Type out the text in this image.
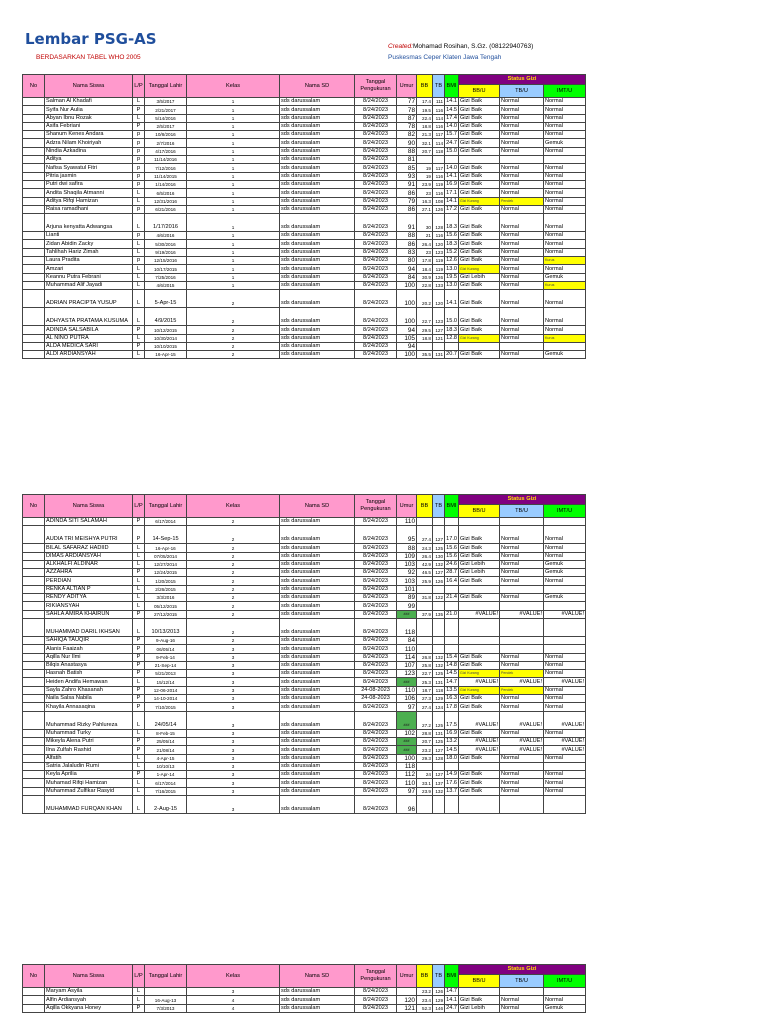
Lembar PSG-AS
BERDASARKAN TABEL WHO 2005
Created:Mohamad Rosihan, S.Gz. (08122940763)
Puskesmas Ceper Klaten Jawa Tengah
No	Nama Siswa	L/P	Tanggal Lahir	Kelas	Nama SD	Tanggal Pengukuran	Umur	BB	TB	BMI	Status Gizi		
											BB/U	TB/U	IMT/U
	Salman Al Khadafi	L	3/5/2017	1	sds darussalam	8/24/2023	77	17.4	111	14.1	Gizi Baik	Normal	Normal
	Syifa Nur Aulia	P	2/21/2017	1	sds darussalam	8/24/2023	78	19.5	116	14.5	Gizi Baik	Normal	Normal
	Abyan Ibnu Rozak	L	5/14/2016	1	sds darussalam	8/24/2023	87	22.4	114	17.4	Gizi Baik	Normal	Normal
	Asifa Febriani	P	2/5/2017	1	sds darussalam	8/24/2023	78	18.8	116	14.0	Gizi Baik	Normal	Normal
	Shanum Kenes Andara	p	10/8/2016	1	sds darussalam	8/24/2023	82	21.3	117	15.7	Gizi Baik	Normal	Normal
	Adzra Nilam Khoiriyah	p	2/7/2016	1	sds darussalam	8/24/2023	90	32.1	114	24.7	Gizi Baik	Normal	Gemuk
	Nindia Azkadina	p	4/17/2016	1	sds darussalam	8/24/2023	88	20.7	118	15.0	Gizi Baik	Normal	Normal
	Aditya	p	11/14/2016	1	sds darussalam	8/24/2023	81						
	Nafisa Syawatul Fitri	p	7/12/2016	1	sds darussalam	8/24/2023	85	19	117	14.0	Gizi Baik	Normal	Normal
	Pitria jasmin	p	11/14/2015	1	sds darussalam	8/24/2023	93	19	116	14.1	Gizi Baik	Normal	Normal
	Putri dwi safira	p	1/14/2016	1	sds darussalam	8/24/2023	91	23.9	119	16.9	Gizi Baik	Normal	Normal
	Andita Shaqila Atmanni	L	6/5/2016	1	sds darussalam	8/24/2023	86	23	116	17.1	Gizi Baik	Normal	Normal
	Aditya Rifqi Hamizan	L	12/31/2016	1	sds darussalam	8/24/2023	79	16.3	108	14.1	Gizi Kurang	Pendek	Normal
	Raisa ramadhani	p	6/21/2016	1	sds darussalam	8/24/2023	86	27.1	126	17.2	Gizi Baik	Normal	Normal
	Arjuna kenyatta Adwangsa	L	1/17/2016	1	sds darussalam	8/24/2023	91	30	128	18.3	Gizi Baik	Normal	Normal
	Lianti	p	4/6/2016	1	sds darussalam	8/24/2023	88	21	116	15.6	Gizi Baik	Normal	Normal
	Zidan Abidin Zacky	L	5/30/2016	1	sds darussalam	8/24/2023	86	26.4	120	18.3	Gizi Baik	Normal	Normal
	Tahlihah Hariz Zimah	L	9/19/2016	1	sds darussalam	8/24/2023	83	23	123	15.2	Gizi Baik	Normal	Normal
	Laura Pradita	p	12/15/2016	1	sds darussalam	8/24/2023	80	17.8	119	12.6	Gizi Baik	Normal	Kurus
	Amzari	L	10/17/2015	1	sds darussalam	8/24/2023	94	18.4	119	13.0	Gizi Kurang	Normal	Normal
	Keannu Putra Febrani	L	7/25/2016	1	sds darussalam	8/24/2023	84	30.9	126	19.5	Gizi Lebih	Normal	Gemuk
	Muhammad Alif Jayadi	L	4/6/2015	1	sds darussalam	8/24/2023	100	22.8	133	13.0	Gizi Baik	Normal	Kurus
	ADRIAN PRACIPTA YUSUP	L	5-Apr-15	2	sds darussalam	8/24/2023	100	20.2	120	14.1	Gizi Baik	Normal	Normal
	ADHYASTA PRATAMA KUSUMA	L	4/9/2015	2	sds darussalam	8/24/2023	100	22.7	123	15.0	Gizi Baik	Normal	Normal
	ADINDA SALSABILA	P	10/12/2015	2	sds darussalam	8/24/2023	94	29.5	127	18.3	Gizi Baik	Normal	Normal
	AL NINO PUTRA	L	10/30/2014	2	sds darussalam	8/24/2023	105	18.8	121	12.8	Gizi Kurang	Normal	Kurus
	ALDA MEDICA SARI	P	10/10/2015	2	sds darussalam	8/24/2023	94						
	ALDI ARDIANSYAH	L	16-Apr-15	2	sds darussalam	8/24/2023	100	35.5	131	20.7	Gizi Baik	Normal	Gemuk
No	Nama Siswa	L/P	Tanggal Lahir	Kelas	Nama SD	Tanggal Pengukuran	Umur	BB	TB	BMI	Status Gizi		
											BB/U	TB/U	IMT/U
	ADINDA SITI SALAMAH	P	6/17/2014	2	sds darussalam	8/24/2023	110						
	AUDIA TRI MEISHYA PUTRI	P	14-Sep-15	2	sds darussalam	8/24/2023	95	27.4	127	17.0	Gizi Baik	Normal	Normal
	BILAL SAFARAZ HADIID	L	16-Apr-16	2	sds darussalam	8/24/2023	88	24.3	125	15.6	Gizi Baik	Normal	Normal
	DIMAS ARDIANSYAH	L	07/05/2014	2	sds darussalam	8/24/2023	109	26.4	130	15.6	Gizi Baik	Normal	Normal
	ALKHALFI ALDINAR	L	12/27/2014	2	sds darussalam	8/24/2023	103	42.9	132	24.6	Gizi Lebih	Normal	Gemuk
	AZZAHRA	P	12/24/2015	2	sds darussalam	8/24/2023	92	46.5	127	28.7	Gizi Lebih	Normal	Gemuk
	PERDIAN	L	1/20/2015	2	sds darussalam	8/24/2023	103	25.9	126	16.4	Gizi Baik	Normal	Normal
	RENKA ALTIAN P	L	2/26/2015	2	sds darussalam	8/24/2023	101						
	RENDY ADITYA	L	3/3/2016	2	sds darussalam	8/24/2023	89	31.8	122	21.4	Gizi Baik	Normal	Gemuk
	RIKIANSYAH	L	05/12/2015	2	sds darussalam	8/24/2023	99						
	SAHLA AMIRA KHAIRUN	P	27/12/2015	2	sds darussalam	8/24/2023	###	37.9	135	21.0	#VALUE!	#VALUE!	#VALUE!
	MUHAMMAD DARIL IKHSAN	L	10/13/2013	2	sds darussalam	8/24/2023	118						
	SAHIQA TAUQIR	P	9-Aug-16	2	sds darussalam	8/24/2023	84						
	Alanis Faaizah	P	06/05/14	3	sds darussalam	8/24/2023	110						
	Aqilla Nur Ilmi	P	9-Feb-14	3	sds darussalam	8/24/2023	114	26.8	132	15.4	Gizi Baik	Normal	Normal
	Bilqis Anastasya	P	21-Sep-14	3	sds darussalam	8/24/2023	107	25.8	132	14.8	Gizi Baik	Normal	Normal
	Hasnah Batish	P	5/21/2013	3	sds darussalam	8/24/2023	123	22.7	125	14.5	Gizi Kurang	Pendek	Normal
	Heiden Andifa Hemawan	L	15/12/14	3	sds darussalam	8/24/2023	###	25.3	131	14.7	#VALUE!	#VALUE!	#VALUE!
	Sayla Zahro Khasanah	P	12-06-2014	3	sds darussalam	24-08-2023	110	18.7	118	13.5	Gizi Kurang	Pendek	Normal
	Naila Salsa Nabila	P	14-10-2014	3	sds darussalam	24-08-2023	106	27.3	129	16.3	Gizi Baik	Normal	Normal
	Khayila Annasaqina	P	7/10/2015	3	sds darussalam	8/24/2023	97	27.4	124	17.8	Gizi Baik	Normal	Normal
	Muhammad Rizky Pahlureza	L	24/05/14	3	sds darussalam	8/24/2023	###	27.2	125	17.5	#VALUE!	#VALUE!	#VALUE!
	Muhammad Turky	L	8-Feb-15	3	sds darussalam	8/24/2023	102	28.8	131	16.9	Gizi Baik	Normal	Normal
	Mikeyla Alena Putri	P	25/05/14	3	sds darussalam	8/24/2023	###	20.7	125	13.2	#VALUE!	#VALUE!	#VALUE!
	Ilna Zulfah Rashid	P	21/08/14	3	sds darussalam	8/24/2023	###	23.2	127	14.5	#VALUE!	#VALUE!	#VALUE!
	Alfatih	L	4-Apr-15	3	sds darussalam	8/24/2023	100	29.3	128	18.0	Gizi Baik	Normal	Normal
	Satria Jalaludin Rumi	L	10/10/13	3	sds darussalam	8/24/2023	118						
	Keyla Aprilia	P	1-Apr-14	3	sds darussalam	8/24/2023	112	24	127	14.9	Gizi Baik	Normal	Normal
	Muhamad Rifqi Hamizan	L	6/17/2014	3	sds darussalam	8/24/2023	110	33.1	137	17.6	Gizi Baik	Normal	Normal
	Muhammad Zulfikar Rasyid	L	7/16/2015	3	sds darussalam	8/24/2023	97	23.9	132	13.7	Gizi Baik	Normal	Normal
	MUHAMMAD FURQAN KHAN	L	2-Aug-15	3	sds darussalam	8/24/2023	96						
No	Nama Siswa	L/P	Tanggal Lahir	Kelas	Nama SD	Tanggal Pengukuran	Umur	BB	TB	BMI	Status Gizi		
											BB/U	TB/U	IMT/U
	Maryam Asyila	L		3	sds darussalam	8/24/2023		23.2	126	14.7			
	Alfin Ardiansyah	L	16-Aug-13	4	sds darussalam	8/24/2023	120	23.4	129	14.1	Gizi Baik	Normal	Normal
	Aqilla Okkyana Honey	P	7/3/2013	4	sds darussalam	8/24/2023	121	52.3	146	24.7	Gizi Lebih	Normal	Gemuk
